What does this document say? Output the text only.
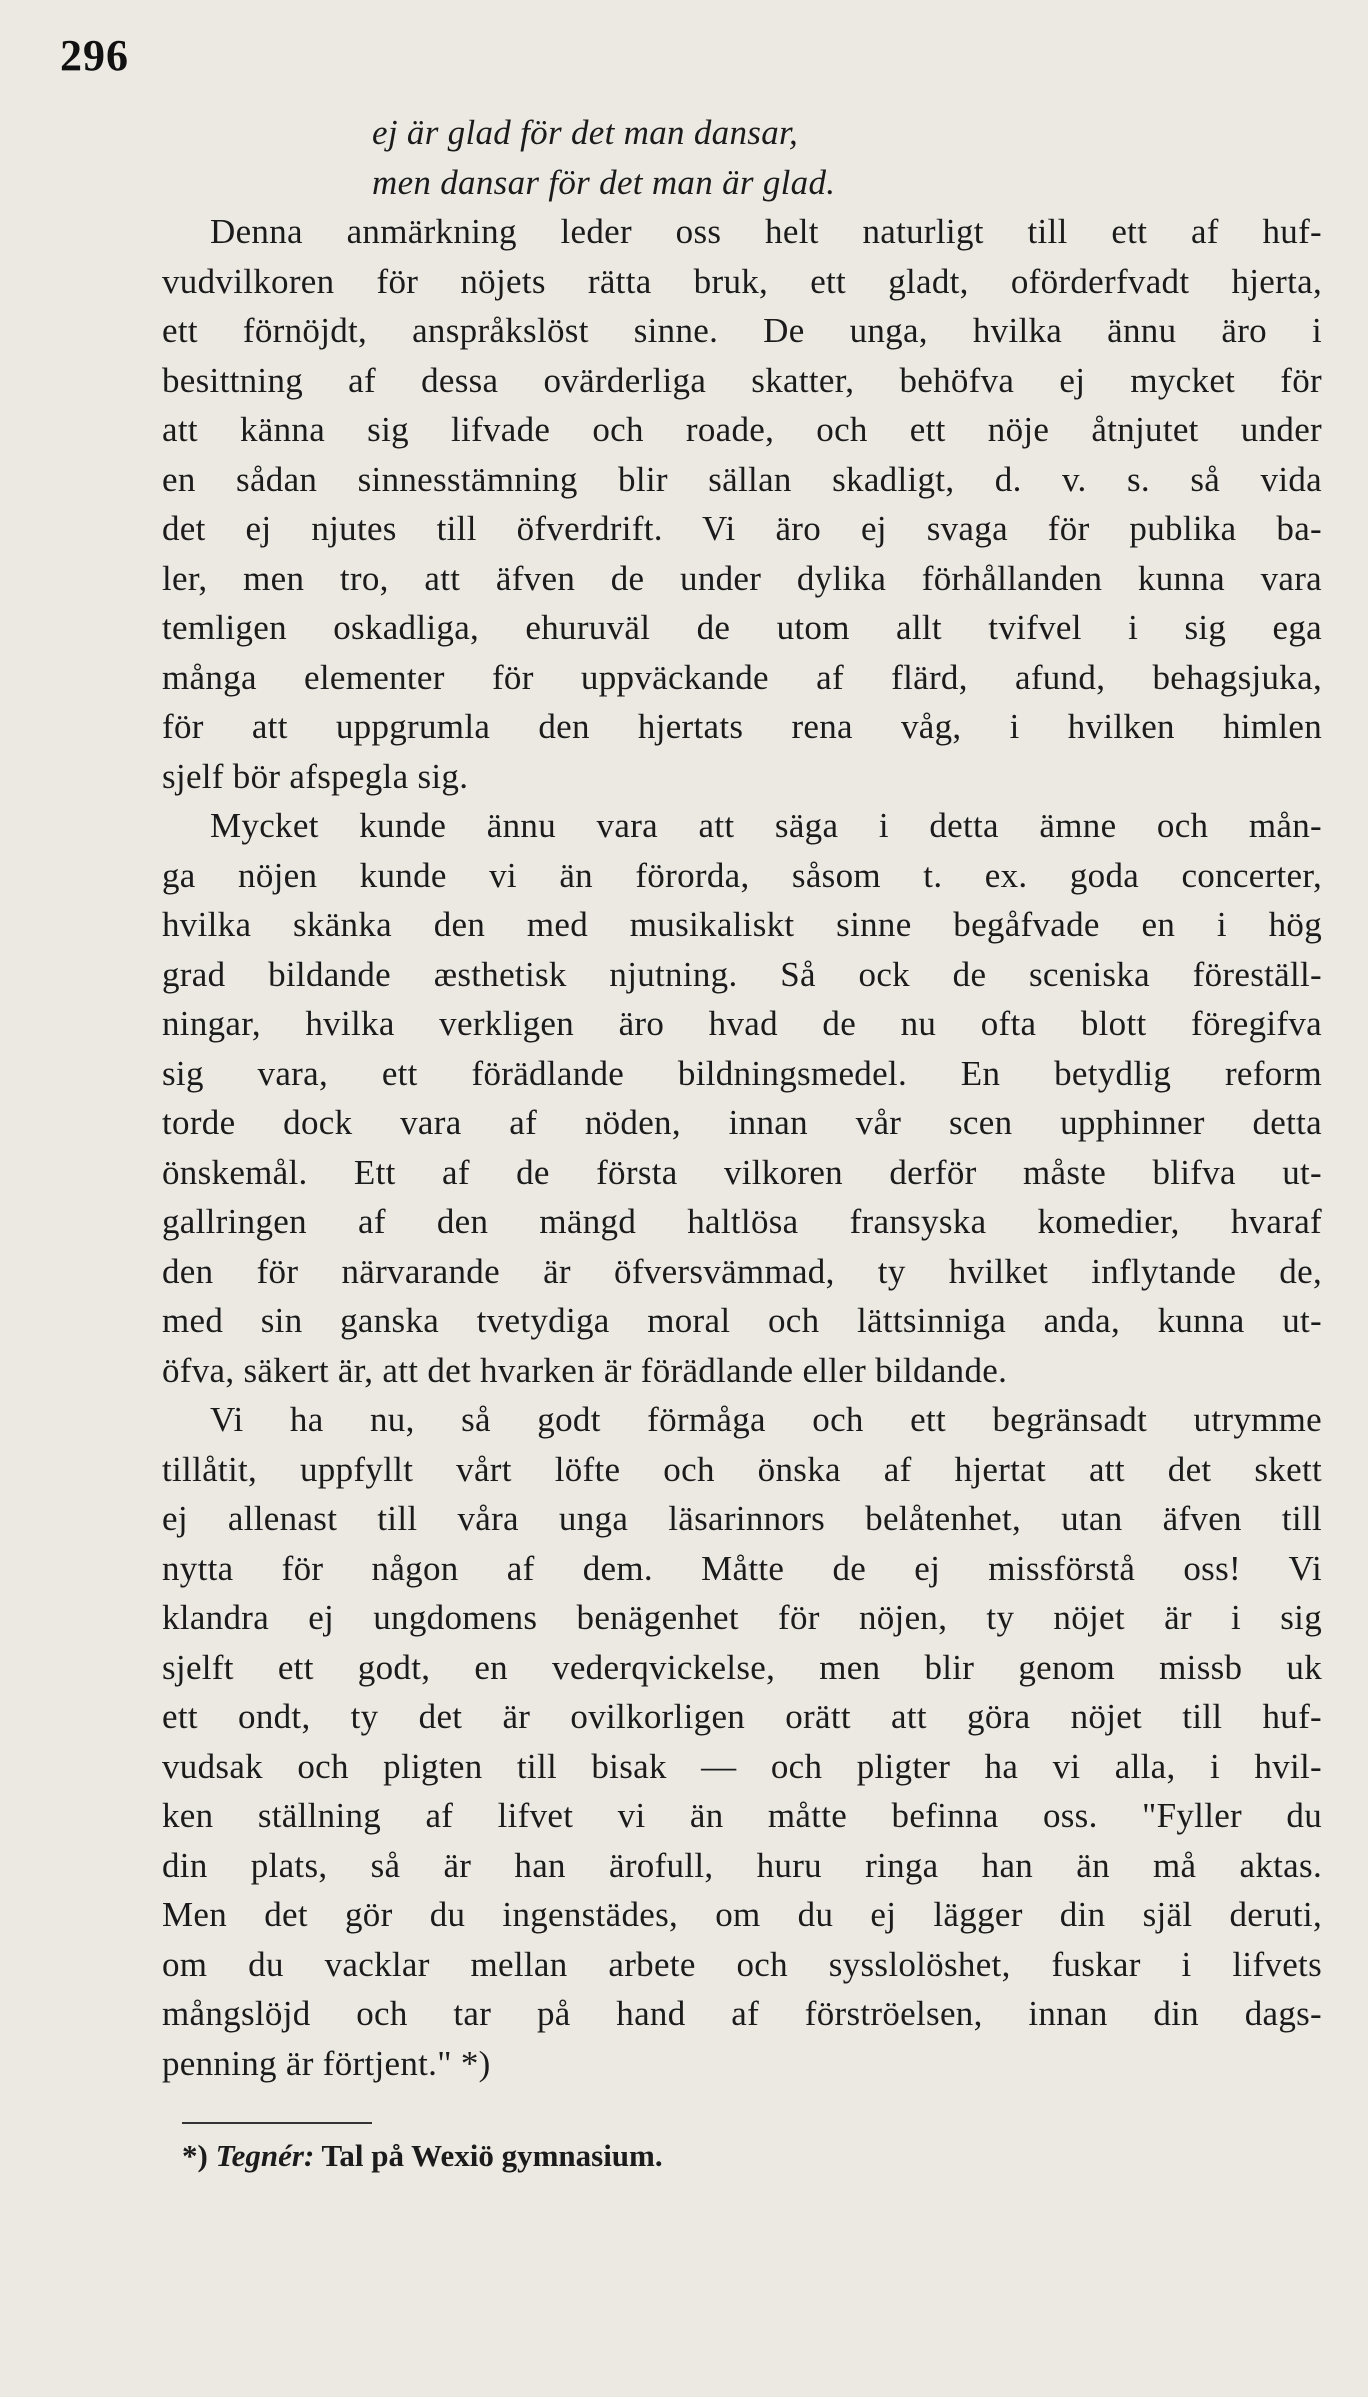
296
ej är glad för det man dansar,
men dansar för det man är glad.
Denna anmärkning leder oss helt naturligt till ett af huf-
vudvilkoren för nöjets rätta bruk, ett gladt, oförderfvadt hjerta,
ett förnöjdt, anspråkslöst sinne. De unga, hvilka ännu äro i
besittning af dessa ovärderliga skatter, behöfva ej mycket för
att känna sig lifvade och roade, och ett nöje åtnjutet under
en sådan sinnesstämning blir sällan skadligt, d. v. s. så vida
det ej njutes till öfverdrift. Vi äro ej svaga för publika ba-
ler, men tro, att äfven de under dylika förhållanden kunna vara
temligen oskadliga, ehuruväl de utom allt tvifvel i sig ega
många elementer för uppväckande af flärd, afund, behagsjuka,
för att uppgrumla den hjertats rena våg, i hvilken himlen
sjelf bör afspegla sig.
Mycket kunde ännu vara att säga i detta ämne och mån-
ga nöjen kunde vi än förorda, såsom t. ex. goda concerter,
hvilka skänka den med musikaliskt sinne begåfvade en i hög
grad bildande æsthetisk njutning. Så ock de sceniska föreställ-
ningar, hvilka verkligen äro hvad de nu ofta blott föregifva
sig vara, ett förädlande bildningsmedel. En betydlig reform
torde dock vara af nöden, innan vår scen upphinner detta
önskemål. Ett af de första vilkoren derför måste blifva ut-
gallringen af den mängd haltlösa fransyska komedier, hvaraf
den för närvarande är öfversvämmad, ty hvilket inflytande de,
med sin ganska tvetydiga moral och lättsinniga anda, kunna ut-
öfva, säkert är, att det hvarken är förädlande eller bildande.
Vi ha nu, så godt förmåga och ett begränsadt utrymme
tillåtit, uppfyllt vårt löfte och önska af hjertat att det skett
ej allenast till våra unga läsarinnors belåtenhet, utan äfven till
nytta för någon af dem. Måtte de ej missförstå oss! Vi
klandra ej ungdomens benägenhet för nöjen, ty nöjet är i sig
sjelft ett godt, en vederqvickelse, men blir genom missb uk
ett ondt, ty det är ovilkorligen orätt att göra nöjet till huf-
vudsak och pligten till bisak — och pligter ha vi alla, i hvil-
ken ställning af lifvet vi än måtte befinna oss. "Fyller du
din plats, så är han ärofull, huru ringa han än må aktas.
Men det gör du ingenstädes, om du ej lägger din själ deruti,
om du vacklar mellan arbete och sysslolöshet, fuskar i lifvets
mångslöjd och tar på hand af förströelsen, innan din dags-
penning är förtjent." *)
*) Tegnér: Tal på Wexiö gymnasium.
